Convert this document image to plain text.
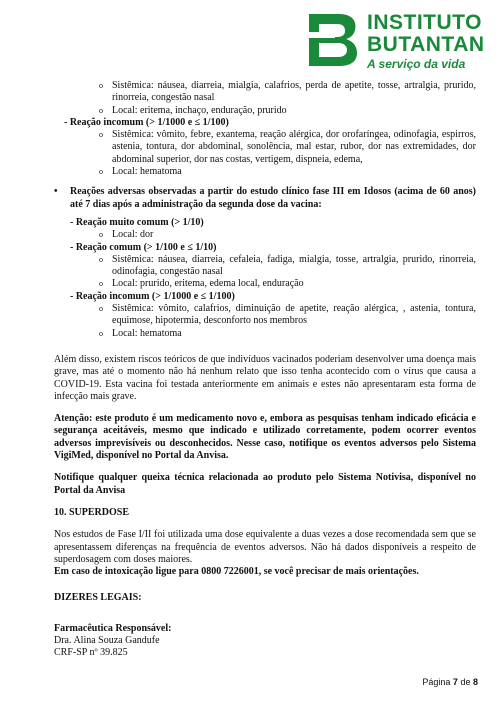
INSTITUTO
BUTANTAN
A serviço da vida
o Sistêmica: náusea, diarreia, mialgia, calafrios, perda de apetite, tosse, artralgia, prurido, rinorreia, congestão nasal
o Local: eritema, inchaço, enduração, prurido
- Reação incomum (> 1/1000 e ≤ 1/100)
o Sistêmica: vômito, febre, exantema, reação alérgica, dor orofaríngea, odinofagia, espirros, astenia, tontura, dor abdominal, sonolência, mal estar, rubor, dor nas extremidades, dor abdominal superior, dor nas costas, vertigem, dispneia, edema,
o Local: hematoma
• Reações adversas observadas a partir do estudo clínico fase III em Idosos (acima de 60 anos) até 7 dias após a administração da segunda dose da vacina:
- Reação muito comum (> 1/10)
o Local: dor
- Reação comum (> 1/100 e ≤ 1/10)
o Sistêmica: náusea, diarreia, cefaleia, fadiga, mialgia, tosse, artralgia, prurido, rinorreia, odinofagia, congestão nasal
o Local: prurido, eritema, edema local, enduração
- Reação incomum (> 1/1000 e ≤ 1/100)
o Sistêmica: vômito, calafrios, diminuição de apetite, reação alérgica, , astenia, tontura, equimose, hipotermia, desconforto nos membros
o Local: hematoma
Além disso, existem riscos teóricos de que indivíduos vacinados poderiam desenvolver uma doença mais grave, mas até o momento não há nenhum relato que isso tenha acontecido com o vírus que causa a COVID-19. Esta vacina foi testada anteriormente em animais e estes não apresentaram esta forma de infecção mais grave.
Atenção: este produto é um medicamento novo e, embora as pesquisas tenham indicado eficácia e segurança aceitáveis, mesmo que indicado e utilizado corretamente, podem ocorrer eventos adversos imprevisíveis ou desconhecidos. Nesse caso, notifique os eventos adversos pelo Sistema VigiMed, disponível no Portal da Anvisa.
Notifique qualquer queixa técnica relacionada ao produto pelo Sistema Notivisa, disponível no Portal da Anvisa
10. SUPERDOSE
Nos estudos de Fase I/II foi utilizada uma dose equivalente a duas vezes a dose recomendada sem que se apresentassem diferenças na frequência de eventos adversos. Não há dados disponíveis a respeito de superdosagem com doses maiores.
Em caso de intoxicação ligue para 0800 7226001, se você precisar de mais orientações.
DIZERES LEGAIS:
Farmacêutica Responsável:
Dra. Alina Souza Gandufe
CRF-SP nº 39.825
Página 7 de 8
